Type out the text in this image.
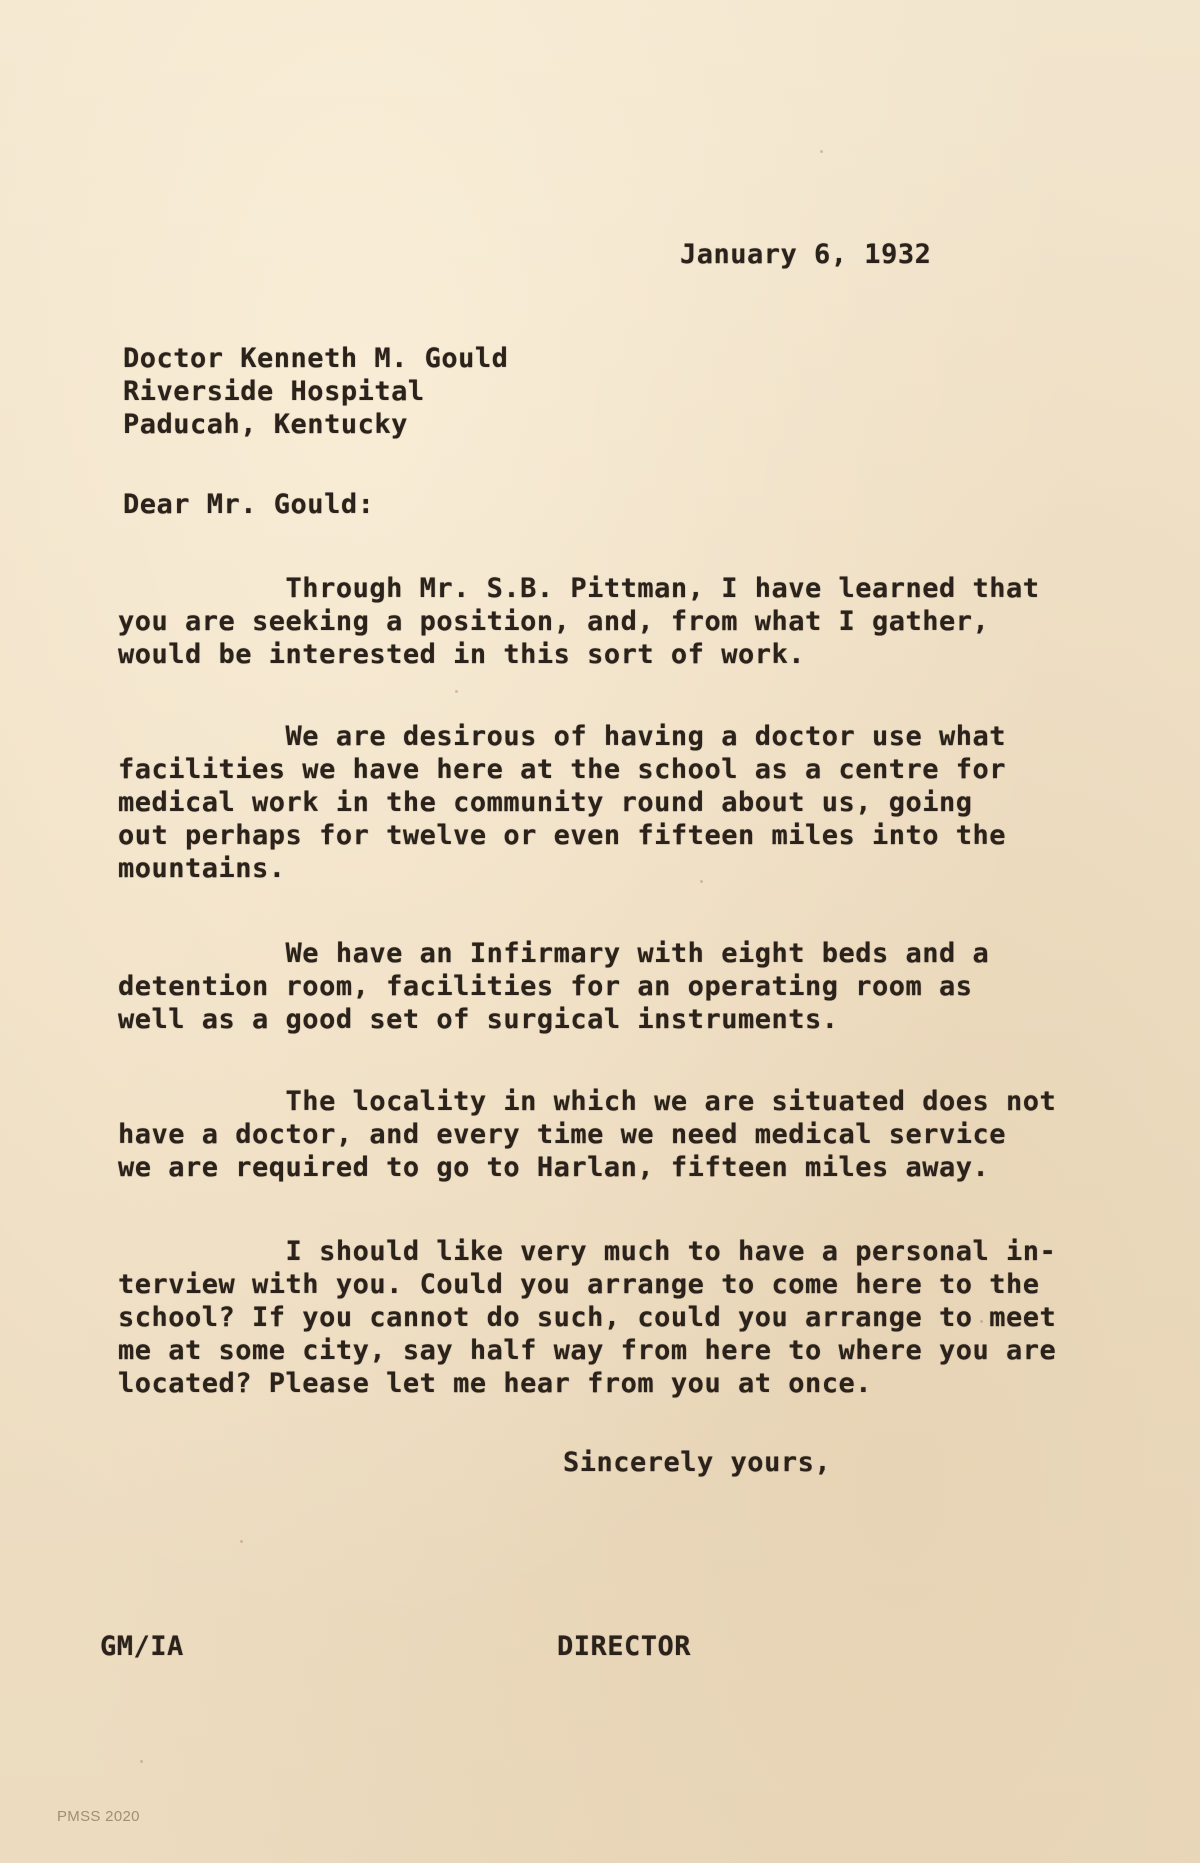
January 6, 1932
Doctor Kenneth M. Gould
Riverside Hospital
Paducah, Kentucky
Dear Mr. Gould:
Through Mr. S.B. Pittman, I have learned that
you are seeking a position, and, from what I gather,
would be interested in this sort of work.
We are desirous of having a doctor use what
facilities we have here at the school as a centre for
medical work in the community round about us, going
out perhaps for twelve or even fifteen miles into the
mountains.
We have an Infirmary with eight beds and a
detention room, facilities for an operating room as
well as a good set of surgical instruments.
The locality in which we are situated does not
have a doctor, and every time we need medical service
we are required to go to Harlan, fifteen miles away.
I should like very much to have a personal in-
terview with you. Could you arrange to come here to the
school? If you cannot do such, could you arrange to meet
me at some city, say half way from here to where you are
located? Please let me hear from you at once.
Sincerely yours,
GM/IA	DIRECTOR
PMSS 2020
